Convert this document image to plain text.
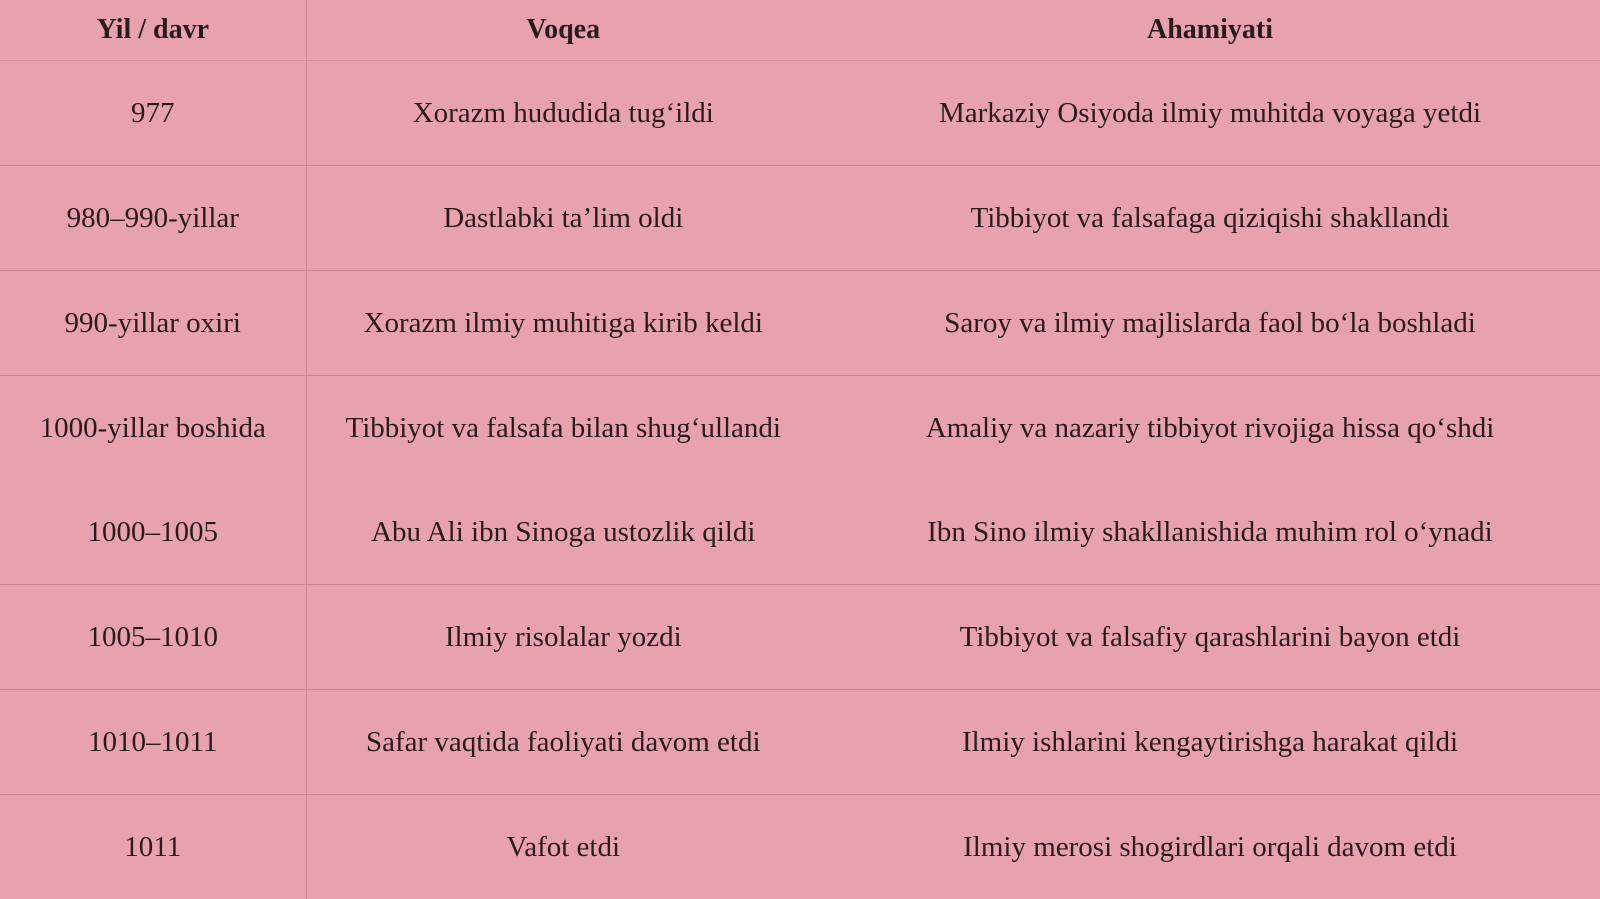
Yil / davr	Voqea	Ahamiyati
977	Xorazm hududida tug‘ildi	Markaziy Osiyoda ilmiy muhitda voyaga yetdi
980–990-yillar	Dastlabki ta’lim oldi	Tibbiyot va falsafaga qiziqishi shakllandi
990-yillar oxiri	Xorazm ilmiy muhitiga kirib keldi	Saroy va ilmiy majlislarda faol bo‘la boshladi
1000-yillar boshida	Tibbiyot va falsafa bilan shug‘ullandi	Amaliy va nazariy tibbiyot rivojiga hissa qo‘shdi
1000–1005	Abu Ali ibn Sinoga ustozlik qildi	Ibn Sino ilmiy shakllanishida muhim rol o‘ynadi
1005–1010	Ilmiy risolalar yozdi	Tibbiyot va falsafiy qarashlarini bayon etdi
1010–1011	Safar vaqtida faoliyati davom etdi	Ilmiy ishlarini kengaytirishga harakat qildi
1011	Vafot etdi	Ilmiy merosi shogirdlari orqali davom etdi
